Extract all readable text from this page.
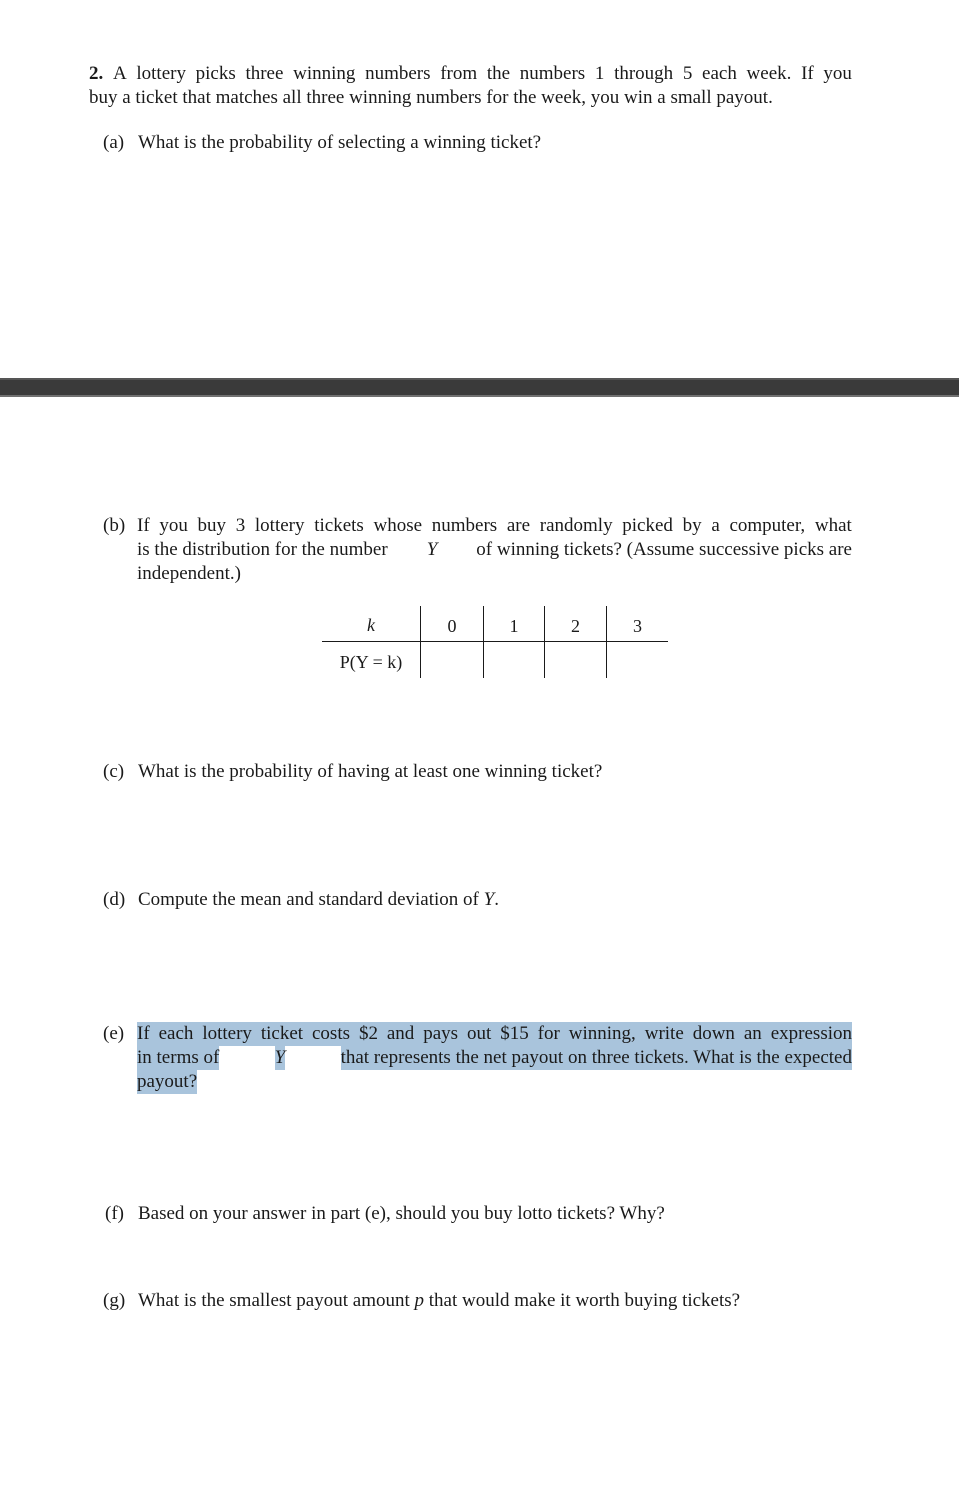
2. A lottery picks three winning numbers from the numbers 1 through 5 each week. If you
buy a ticket that matches all three winning numbers for the week, you win a small payout.
(a) What is the probability of selecting a winning ticket?
(b) If you buy 3 lottery tickets whose numbers are randomly picked by a computer, what
is the distribution for the number Y of winning tickets? (Assume successive picks are
independent.)
k	0	1	2	3
P(Y = k)
(c) What is the probability of having at least one winning ticket?
(d) Compute the mean and standard deviation of Y.
(e) If each lottery ticket costs $2 and pays out $15 for winning, write down an expression
in terms of	Y	that represents the net payout on three tickets. What is the expected
payout?
(f) Based on your answer in part (e), should you buy lotto tickets? Why?
(g) What is the smallest payout amount p that would make it worth buying tickets?
